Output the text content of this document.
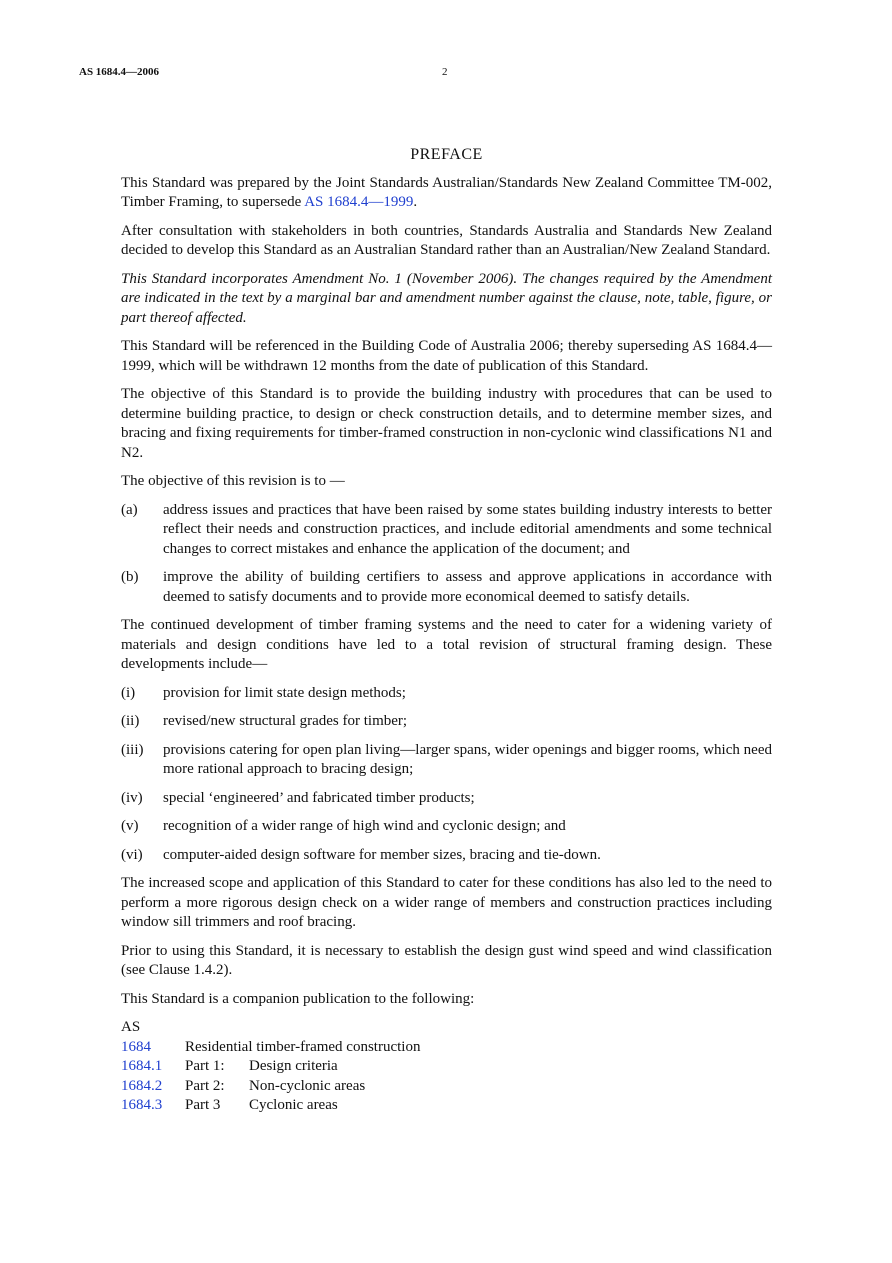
AS 1684.4—2006	2
PREFACE

This Standard was prepared by the Joint Standards Australian/Standards New Zealand Committee TM-002, Timber Framing, to supersede AS 1684.4—1999.

After consultation with stakeholders in both countries, Standards Australia and Standards New Zealand decided to develop this Standard as an Australian Standard rather than an Australian/New Zealand Standard.

This Standard incorporates Amendment No. 1 (November 2006). The changes required by the Amendment are indicated in the text by a marginal bar and amendment number against the clause, note, table, figure, or part thereof affected.

This Standard will be referenced in the Building Code of Australia 2006; thereby superseding AS 1684.4—1999, which will be withdrawn 12 months from the date of publication of this Standard.

The objective of this Standard is to provide the building industry with procedures that can be used to determine building practice, to design or check construction details, and to determine member sizes, and bracing and fixing requirements for timber-framed construction in non-cyclonic wind classifications N1 and N2.

The objective of this revision is to —

(a)	address issues and practices that have been raised by some states building industry interests to better reflect their needs and construction practices, and include editorial amendments and some technical changes to correct mistakes and enhance the application of the document; and
(b)	improve the ability of building certifiers to assess and approve applications in accordance with deemed to satisfy documents and to provide more economical deemed to satisfy details.

The continued development of timber framing systems and the need to cater for a widening variety of materials and design conditions have led to a total revision of structural framing design. These developments include—

(i)	provision for limit state design methods;
(ii)	revised/new structural grades for timber;
(iii)	provisions catering for open plan living—larger spans, wider openings and bigger rooms, which need more rational approach to bracing design;
(iv)	special ‘engineered’ and fabricated timber products;
(v)	recognition of a wider range of high wind and cyclonic design; and
(vi)	computer-aided design software for member sizes, bracing and tie-down.

The increased scope and application of this Standard to cater for these conditions has also led to the need to perform a more rigorous design check on a wider range of members and construction practices including window sill trimmers and roof bracing.

Prior to using this Standard, it is necessary to establish the design gust wind speed and wind classification (see Clause 1.4.2).

This Standard is a companion publication to the following:

AS
1684	Residential timber-framed construction
1684.1	Part 1:	Design criteria
1684.2	Part 2:	Non-cyclonic areas
1684.3	Part 3	Cyclonic areas
